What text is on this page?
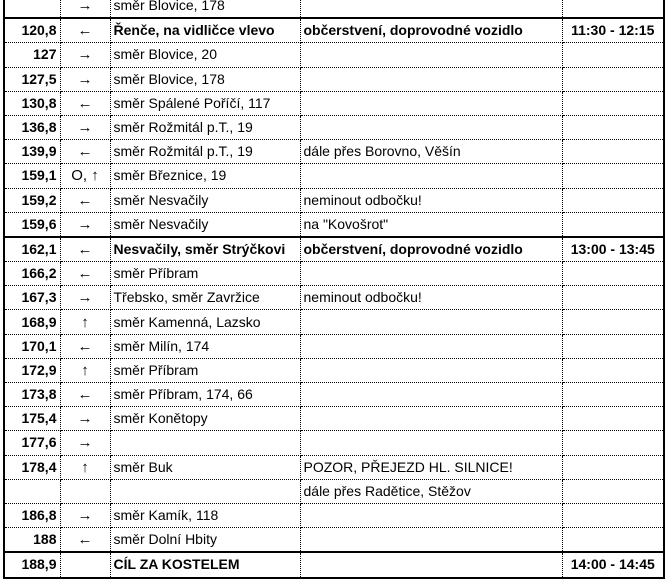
	→	směr Blovice, 178		
120,8	←	Řenče, na vidličce vlevo	občerstvení, doprovodné vozidlo	11:30 - 12:15
127	→	směr Blovice, 20		
127,5	→	směr Blovice, 178		
130,8	←	směr Spálené Poříčí, 117		
136,8	→	směr Rožmitál p.T., 19		
139,9	←	směr Rožmitál p.T., 19	dále přes Borovno, Věšín	
159,1	O, ↑	směr Březnice, 19		
159,2	←	směr Nesvačily	neminout odbočku!	
159,6	→	směr Nesvačily	na "Kovošrot"	
162,1	←	Nesvačily, směr Strýčkovi	občerstvení, doprovodné vozidlo	13:00 - 13:45
166,2	←	směr Příbram		
167,3	→	Třebsko, směr Zavržice	neminout odbočku!	
168,9	↑	směr Kamenná, Lazsko		
170,1	←	směr Milín, 174		
172,9	↑	směr Příbram		
173,8	←	směr Příbram, 174, 66		
175,4	→	směr Konětopy		
177,6	→			
178,4	↑	směr Buk	POZOR, PŘEJEZD HL. SILNICE!	
			dále přes Radětice, Stěžov	
186,8	→	směr Kamík, 118		
188	←	směr Dolní Hbity		
188,9		CÍL ZA KOSTELEM		14:00 - 14:45
